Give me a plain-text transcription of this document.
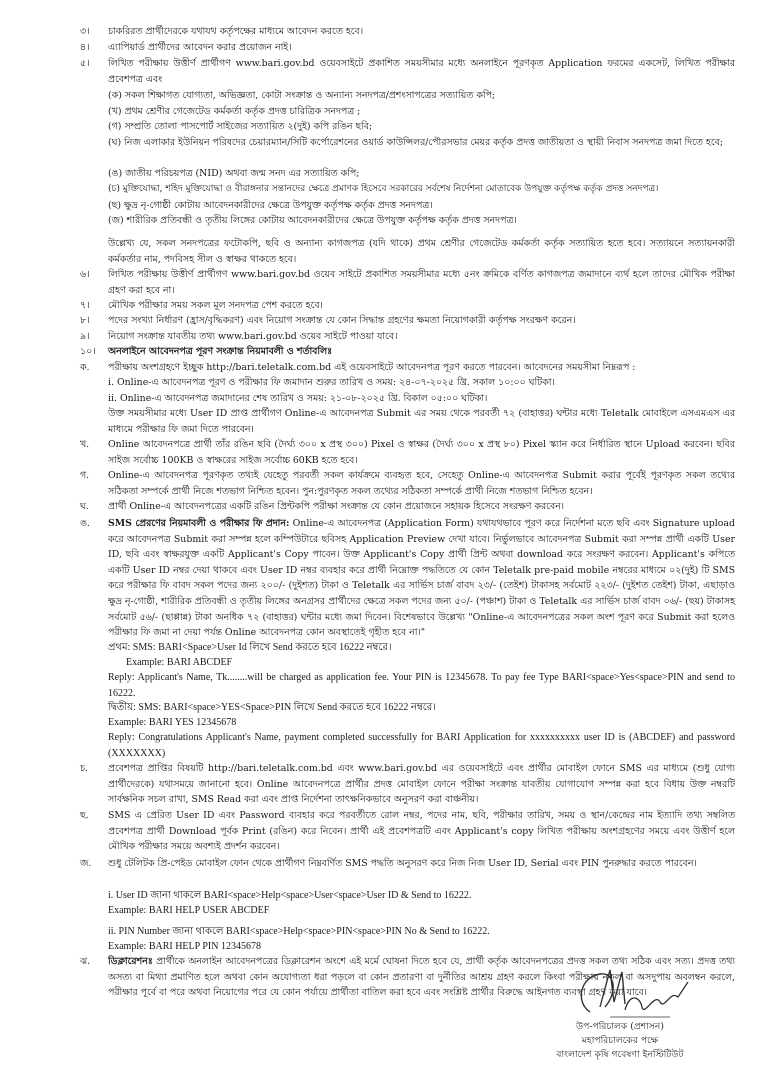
৩।	চাকরিরত প্রার্থীদেরকে যথাযথ কর্তৃপক্ষের মাধ্যমে আবেদন করতে হবে।
৪।	এ্যাপিয়ার্ড প্রার্থীদের আবেদন করার প্রয়োজন নাই।
৫।	লিখিত পরীক্ষায় উত্তীর্ণ প্রার্থীগণ www.bari.gov.bd ওয়েবসাইটে প্রকাশিত সময়সীমার মধ্যে অনলাইনে পূরণকৃত Application ফরমের একসেট, লিখিত পরীক্ষার প্রবেশপত্র এবং
(ক) সকল শিক্ষাগত যোগ্যতা, অভিজ্ঞতা, কোটা সংক্রান্ত ও অন্যান্য সনদপত্র/প্রশংসাপত্রের সত্যায়িত কপি;
(খ) প্রথম শ্রেণীর গেজেটেড কর্মকর্তা কর্তৃক প্রদত্ত চারিত্রিক সনদপত্র ;
(গ) সম্প্রতি তোলা পাসপোর্ট সাইজের সত্যায়িত ২(দুই) কপি রঙিন ছবি;
(ঘ) নিজ এলাকার ইউনিয়ন পরিষদের চেয়ারম্যান/সিটি কর্পোরেশনের ওয়ার্ড কাউন্সিলর/পৌরসভার মেয়র কর্তৃক প্রদত্ত জাতীয়তা ও স্থায়ী নিবাস সনদপত্র জমা দিতে হবে;
(ঙ) জাতীয় পরিচয়পত্র (NID) অথবা জন্ম সনদ এর সত্যায়িত কপি;
(চ) মুক্তিযোদ্ধা, শহিদ মুক্তিযোদ্ধা ও বীরাঙ্গনার সন্তানদের ক্ষেত্রে প্রমাণক হিসেবে সরকারের সর্বশেষ নির্দেশনা মোতাবেক উপযুক্ত কর্তৃপক্ষ কর্তৃক প্রদত্ত সনদপত্র।
(ছ) ক্ষুদ্র নৃ-গোষ্ঠী কোটায় আবেদনকারীদের ক্ষেত্রে উপযুক্ত কর্তৃপক্ষ কর্তৃক প্রদত্ত সনদপত্র।
(জ) শারীরিক প্রতিবন্ধী ও তৃতীয় লিঙ্গের কোটায় আবেদনকারীদের ক্ষেত্রে উপযুক্ত কর্তৃপক্ষ কর্তৃক প্রদত্ত সনদপত্র।
উল্লেখ্য যে, সকল সনদপত্রের ফটোকপি, ছবি ও অন্যান্য কাগজপত্র (যদি থাকে) প্রথম শ্রেণীর গেজেটেড কর্মকর্তা কর্তৃক সত্যায়িত হতে হবে। সত্যায়নে সত্যায়নকারী কর্মকর্তার নাম, পদবিসহ সীল ও স্বাক্ষর থাকতে হবে।
৬।	লিখিত পরীক্ষায় উত্তীর্ণ প্রার্থীগণ www.bari.gov.bd ওয়েব সাইটে প্রকাশিত সময়সীমার মধ্যে ৫নং ক্রমিকে বর্ণিত কাগজপত্র জমাদানে ব্যর্থ হলে তাদের মৌখিক পরীক্ষা গ্রহণ করা হবে না।
৭।	মৌখিক পরীক্ষার সময় সকল মূল সনদপত্র পেশ করতে হবে।
৮।	পদের সংখ্যা নির্ধারণ (হ্রাস/বৃদ্ধিকরণ) এবং নিয়োগ সংক্রান্ত যে কোন সিদ্ধান্ত গ্রহণের ক্ষমতা নিয়োগকারী কর্তৃপক্ষ সংরক্ষণ করেন।
৯।	নিয়োগ সংক্রান্ত যাবতীয় তথ্য www.bari.gov.bd ওয়েব সাইটে পাওয়া যাবে।
১০।	অনলাইনে আবেদনপত্র পূরণ সংক্রান্ত নিয়মাবলী ও শর্তাবলিঃ
ক.	পরীক্ষায় অংশগ্রহণে ইচ্ছুক http://bari.teletalk.com.bd এই ওয়েবসাইটে আবেদনপত্র পূরণ করতে পারবেন। আবেদনের সময়সীমা নিম্নরূপ :
i. Online-এ আবেদনপত্র পূরণ ও পরীক্ষার ফি জমাদান শুরুর তারিখ ও সময়: ২৪-০৭-২০২৫ খ্রি. সকাল ১০:০০ ঘটিকা।
ii. Online-এ আবেদনপত্র জমাদানের শেষ তারিখ ও সময়: ২১-০৮-২০২৫ খ্রি. বিকাল ০৫:০০ ঘটিকা।
উক্ত সময়সীমার মধ্যে User ID প্রাপ্ত প্রার্থীগণ Online-এ আবেদনপত্র Submit এর সময় থেকে পরবর্তী ৭২ (বাহাত্তর) ঘন্টার মধ্যে Teletalk মোবাইলে এসএমএস এর মাধ্যমে পরীক্ষার ফি জমা দিতে পারবেন।
খ.	Online আবেদনপত্রে প্রার্থী তাঁর রঙিন ছবি (দৈর্ঘ্য ৩০০ x প্রস্থ ৩০০) Pixel ও স্বাক্ষর (দৈর্ঘ্য ৩০০ x প্রস্থ ৮০) Pixel স্ক্যান করে নির্ধারিত স্থানে Upload করবেন। ছবির সাইজ সর্বোচ্চ 100KB ও স্বাক্ষরের সাইজ সর্বোচ্চ 60KB হতে হবে।
গ.	Online-এ আবেদনপত্র পূরণকৃত তথ্যই যেহেতু পরবর্তী সকল কার্যক্রমে ব্যবহৃত হবে, সেহেতু Online-এ আবেদনপত্র Submit করার পূর্বেই পূরণকৃত সকল তথ্যের সঠিকতা সম্পর্কে প্রার্থী নিজে শতভাগ নিশ্চিত হবেন। পুন:পুরণকৃত সকল তথ্যের সঠিকতা সম্পর্কে প্রার্থী নিজে শতভাগ নিশ্চিত হবেন।
ঘ.	প্রার্থী Online-এ আবেদনপত্রের একটি রঙিন প্রিন্টকপি পরীক্ষা সংক্রান্ত যে কোন প্রয়োজনে সহায়ক হিসেবে সংরক্ষণ করবেন।
ঙ.	SMS প্রেরণের নিয়মাবলী ও পরীক্ষার ফি প্রদান: Online-এ আবেদনপত্র (Application Form) যথাযথভাবে পূরণ করে নির্দেশনা মতে ছবি এবং Signature upload করে আবেদনপত্র Submit করা সম্পন্ন হলে কম্পিউটারে ছবিসহ Application Preview দেখা যাবে। নির্ভুলভাবে আবেদনপত্র Submit করা সম্পন্ন প্রার্থী একটি User ID, ছবি এবং স্বাক্ষরযুক্ত একটি Applicant's Copy পাবেন। উক্ত Applicant's Copy প্রার্থী প্রিন্ট অথবা download করে সংরক্ষণ করবেন। Applicant's কপিতে একটি User ID নম্বর দেয়া থাকবে এবং User ID নম্বর ব্যবহার করে প্রার্থী নিম্নোক্ত পদ্ধতিতে যে কোন Teletalk pre-paid mobile নম্বরের মাধ্যমে ০২(দুই) টি SMS করে পরীক্ষার ফি বাবদ সকল পদের জন্য ২০০/- (দুইশত) টাকা ও Teletalk এর সার্ভিস চার্জ বাবদ ২৩/- (তেইশ) টাকাসহ সর্বমোট ২২৩/- (দুইশত তেইশ) টাকা, এছাড়াও ক্ষুদ্র নৃ-গোষ্ঠী, শারীরিক প্রতিবন্ধী ও তৃতীয় লিঙ্গের অনগ্রসর প্রার্থীদের ক্ষেত্রে সকল পদের জন্য ৫০/- (পঞ্চাশ) টাকা ও Teletalk এর সার্ভিস চার্জ বাবদ ০৬/- (ছয়) টাকাসহ সর্বমোট ৫৬/- (ছাপ্পান্ন) টাকা অনধিক ৭২ (বাহাত্তর) ঘন্টার মধ্যে জমা দিবেন। বিশেষভাবে উল্লেখ্য "Online-এ আবেদনপত্রের সকল অংশ পূরণ করে Submit করা হলেও পরীক্ষার ফি জমা না দেয়া পর্যন্ত Online আবেদনপত্র কোন অবস্থাতেই গৃহীত হবে না।"
প্রথম: SMS: BARI<Space>User Id লিখে Send করতে হবে 16222 নম্বরে।
Example: BARI ABCDEF
Reply: Applicant's Name, Tk........will be charged as application fee. Your PIN is 12345678. To pay fee Type BARI<space>Yes<space>PIN and send to 16222.
দ্বিতীয়: SMS: BARI<space>YES<Space>PIN লিখে Send করতে হবে 16222 নম্বরে।
Example: BARI YES 12345678
Reply: Congratulations Applicant's Name, payment completed successfully for BARI Application for xxxxxxxxxx user ID is (ABCDEF) and password (XXXXXXX)
চ.	প্রবেশপত্র প্রাপ্তির বিষয়টি http://bari.teletalk.com.bd এবং www.bari.gov.bd এর ওয়েবসাইটে এবং প্রার্থীর মোবাইল ফোনে SMS এর মাধ্যমে (শুধু যোগ্য প্রার্থীদেরকে) যথাসময়ে জানানো হবে। Online আবেদনপত্রে প্রার্থীর প্রদত্ত মোবাইল ফোনে পরীক্ষা সংক্রান্ত যাবতীয় যোগাযোগ সম্পন্ন করা হবে বিধায় উক্ত নম্বরটি সার্বক্ষনিক সচল রাখা, SMS Read করা এবং প্রাপ্ত নির্দেশনা তাৎক্ষনিকভাবে অনুসরণ করা বাঞ্চনীয়।
ছ.	SMS এ প্রেরিত User ID এবং Password ব্যবহার করে পরবর্তীতে রোল নম্বর, পদের নাম, ছবি, পরীক্ষার তারিখ, সময় ও স্থান/কেন্দ্রের নাম ইত্যাদি তথ্য সম্বলিত প্রবেশপত্র প্রার্থী Download পূর্বক Print (রঙিন) করে নিবেন। প্রার্থী এই প্রবেশপত্রটি এবং Applicant's copy লিখিত পরীক্ষায় অংশগ্রহণের সময়ে এবং উত্তীর্ণ হলে মৌখিক পরীক্ষার সময়ে অবশ্যই প্রদর্শন করবেন।
জ.	শুধু টেলিটক প্রি-পেইড মোবাইল ফোন থেকে প্রার্থীগণ নিম্নবর্ণিত SMS পদ্ধতি অনুসরণ করে নিজ নিজ User ID, Serial এবং PIN পুনরুদ্ধার করতে পারবেন।
i. User ID জানা থাকলে BARI<space>Help<space>User<space>User ID & Send to 16222.
Example: BARI HELP USER ABCDEF
ii. PIN Number জানা থাকলে BARI<space>Help<space>PIN<space>PIN No & Send to 16222.
Example: BARI HELP PIN 12345678
ঝ.	ডিক্লারেশনঃ প্রার্থীকে অনলাইন আবেদনপত্রের ডিক্লারেশন অংশে এই মর্মে ঘোষনা দিতে হবে যে, প্রার্থী কর্তৃক আবেদনপত্রের প্রদত্ত সকল তথ্য সঠিক এবং সত্য। প্রদত্ত তথ্য অসত্য বা মিথ্যা প্রমাণিত হলে অথবা কোন অযোগ্যতা ধরা পড়লে বা কোন প্রতারণা বা দুর্নীতির আশ্রয় গ্রহণ করলে কিংবা পরীক্ষায় নকল বা অসদুপায় অবলম্বন করলে, পরীক্ষার পূর্বে বা পরে অথবা নিয়োগের পরে যে কোন পর্যায়ে প্রার্থীতা বাতিল করা হবে এবং সংশ্লিষ্ট প্রার্থীর বিরুদ্ধে আইনগত ব্যবস্থা গ্রহণ করা যাবে।
উপ-পরিচালক (প্রশাসন)
মহাপরিচালকের পক্ষে
বাংলাদেশ কৃষি গবেষণা ইনস্টিটিউট
